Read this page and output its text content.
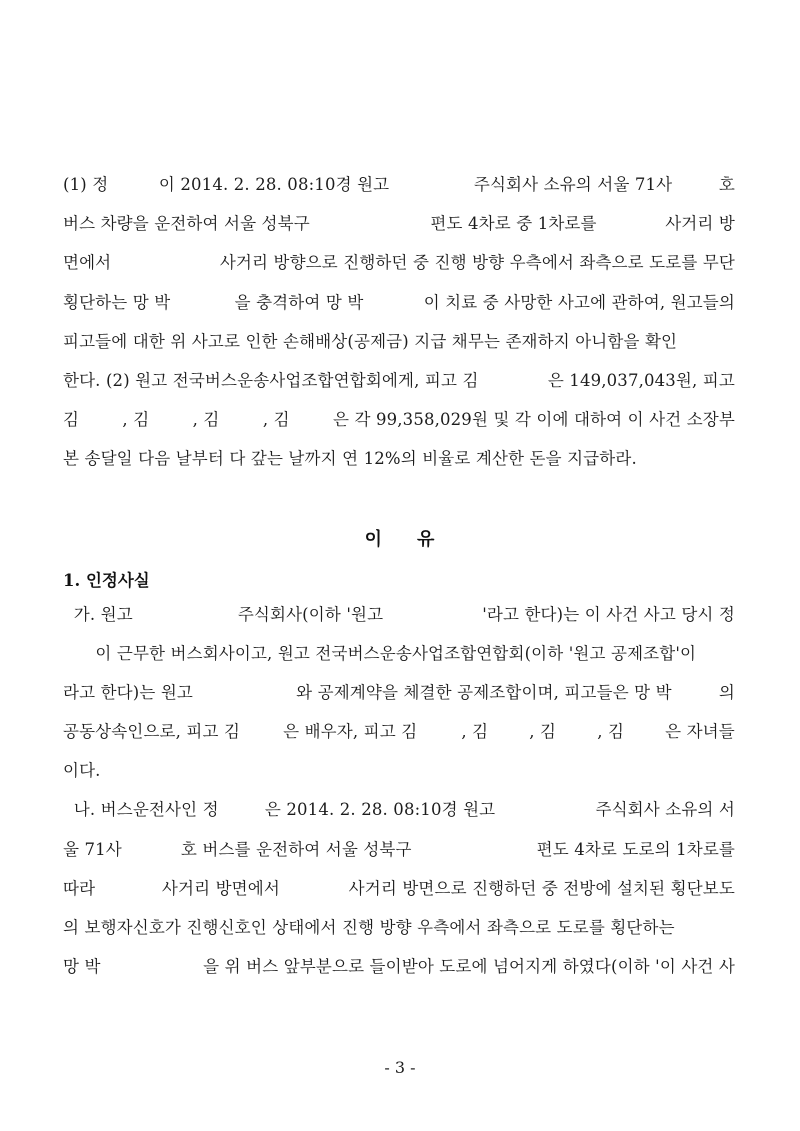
(1) 정	이 2014. 2. 28. 08:10경 원고	주식회사 소유의 서울 71사	호
버스 차량을 운전하여 서울 성북구	편도 4차로 중 1차로를	사거리 방
면에서	사거리 방향으로 진행하던 중 진행 방향 우측에서 좌측으로 도로를 무단
횡단하는 망 박	을 충격하여 망 박	이 치료 중 사망한 사고에 관하여, 원고들의
피고들에 대한 위 사고로 인한 손해배상(공제금) 지급 채무는 존재하지 아니함을 확인
한다. (2) 원고 전국버스운송사업조합연합회에게, 피고 김	은 149,037,043원, 피고
김	, 김	, 김	, 김	은 각 99,358,029원 및 각 이에 대하여 이 사건 소장부
본 송달일 다음 날부터 다 갚는 날까지 연 12%의 비율로 계산한 돈을 지급하라.
가. 원고	주식회사(이하 '원고	'라고 한다)는 이 사건 사고 당시 정
이 근무한 버스회사이고, 원고 전국버스운송사업조합연합회(이하 '원고 공제조합'이
라고 한다)는 원고	와 공제계약을 체결한 공제조합이며, 피고들은 망 박	의
공동상속인으로, 피고 김	은 배우자, 피고 김	, 김 , 김 , 김 은 자녀들
이다.
나. 버스운전사인 정	은 2014. 2. 28. 08:10경 원고	주식회사 소유의 서
울 71사	호 버스를 운전하여 서울 성북구	편도 4차로 도로의 1차로를
따라	사거리 방면에서	사거리 방면으로 진행하던 중 전방에 설치된 횡단보도
의 보행자신호가 진행신호인 상태에서 진행 방향 우측에서 좌측으로 도로를 횡단하는
망 박	을 위 버스 앞부분으로 들이받아 도로에 넘어지게 하였다(이하 '이 사건 사
이 유
1. 인정사실
- 3 -
